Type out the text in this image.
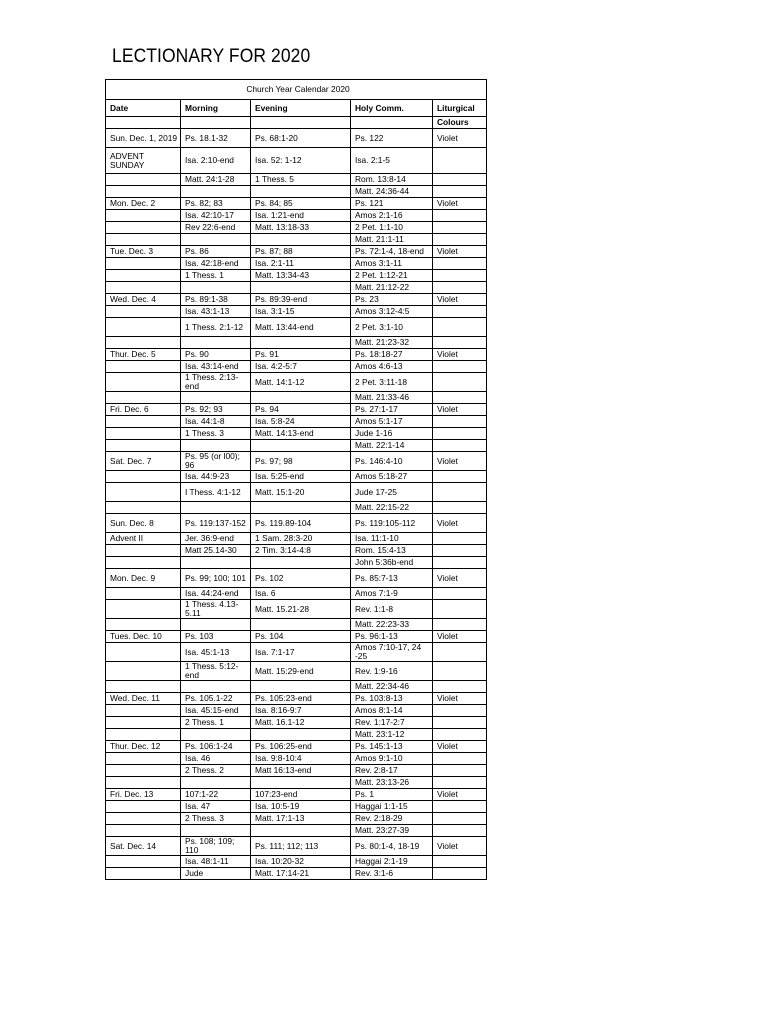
LECTIONARY FOR 2020
Church Year Calendar 2020				
Date	Morning	Evening	Holy Comm.	Liturgical
				Colours
Sun. Dec. 1, 2019	Ps. 18.1-32	Ps. 68:1-20	Ps. 122	Violet
ADVENT SUNDAY	Isa. 2:10-end	Isa. 52: 1-12	Isa. 2:1-5	
	Matt. 24:1-28	1 Thess. 5	Rom. 13:8-14	
			Matt. 24:36-44	
Mon. Dec. 2	Ps. 82; 83	Ps. 84; 85	Ps. 121	Violet
	Isa. 42:10-17	Isa. 1:21-end	Amos 2:1-16	
	Rev 22:6-end	Matt. 13:18-33	2 Pet. 1:1-10	
			Matt. 21:1-11	
Tue. Dec. 3	Ps. 86	Ps. 87; 88	Ps. 72:1-4, 18-end	Violet
	Isa. 42:18-end	Isa. 2:1-11	Amos 3:1-11	
	1 Thess. 1	Matt. 13:34-43	2 Pet. 1:12-21	
			Matt. 21:12-22	
Wed. Dec. 4	Ps. 89:1-38	Ps. 89:39-end	Ps. 23	Violet
	Isa. 43:1-13	Isa. 3:1-15	Amos 3:12-4:5	
	1 Thess. 2:1-12	Matt. 13:44-end	2 Pet. 3:1-10	
			Matt. 21:23-32	
Thur. Dec. 5	Ps. 90	Ps. 91	Ps. 18:18-27	Violet
	Isa. 43:14-end	Isa. 4:2-5:7	Amos 4:6-13	
	1 Thess. 2:13-end	Matt. 14:1-12	2 Pet. 3:11-18	
			Matt. 21:33-46	
Fri. Dec. 6	Ps. 92; 93	Ps. 94	Ps. 27:1-17	Violet
	Isa. 44:1-8	Isa. 5:8-24	Amos 5:1-17	
	1 Thess. 3	Matt. 14:13-end	Jude 1-16	
			Matt. 22:1-14	
Sat. Dec. 7	Ps. 95 (or l00); 96	Ps. 97; 98	Ps. 146:4-10	Violet
	Isa. 44:9-23	Isa. 5:25-end	Amos 5:18-27	
	I Thess. 4:1-12	Matt. 15:1-20	Jude 17-25	
			Matt. 22:15-22	
Sun. Dec. 8	Ps. 119:137-152	Ps. 119.89-104	Ps. 119:105-112	Violet
Advent II	Jer. 36:9-end	1 Sam. 28:3-20	Isa. 11:1-10	
	Matt 25.14-30	2 Tim. 3:14-4:8	Rom. 15:4-13	
			John 5:36b-end	
Mon. Dec. 9	Ps. 99; 100; 101	Ps. 102	Ps. 85:7-13	Violet
	Isa. 44:24-end	Isa. 6	Amos 7:1-9	
	1 Thess. 4.13-5.11	Matt. 15.21-28	Rev. 1:1-8	
			Matt. 22:23-33	
Tues. Dec. 10	Ps. 103	Ps. 104	Ps. 96:1-13	Violet
	Isa. 45:1-13	Isa. 7:1-17	Amos 7:10-17, 24 -25	
	1 Thess. 5:12-end	Matt. 15:29-end	Rev. 1:9-16	
			Matt. 22:34-46	
Wed. Dec. 11	Ps. 105.1-22	Ps. 105:23-end	Ps. 103:8-13	Violet
	Isa. 45:15-end	Isa. 8:16-9:7	Amos 8:1-14	
	2 Thess. 1	Matt. 16.1-12	Rev. 1:17-2:7	
			Matt. 23:1-12	
Thur. Dec. 12	Ps. 106:1-24	Ps. 106:25-end	Ps. 145:1-13	Violet
	Isa. 46	Isa. 9:8-10:4	Amos 9:1-10	
	2 Thess. 2	Matt 16:13-end	Rev. 2:8-17	
			Matt. 23:13-26	
Fri. Dec. 13	107:1-22	107:23-end	Ps. 1	Violet
	Isa. 47	Isa. 10:5-19	Haggai 1:1-15	
	2 Thess. 3	Matt. 17:1-13	Rev. 2:18-29	
			Matt. 23:27-39	
Sat. Dec. 14	Ps. 108; 109; 110	Ps. 111; 112; 113	Ps. 80:1-4, 18-19	Violet
	Isa. 48:1-11	Isa. 10:20-32	Haggai 2:1-19	
	Jude	Matt. 17:14-21	Rev. 3:1-6	
